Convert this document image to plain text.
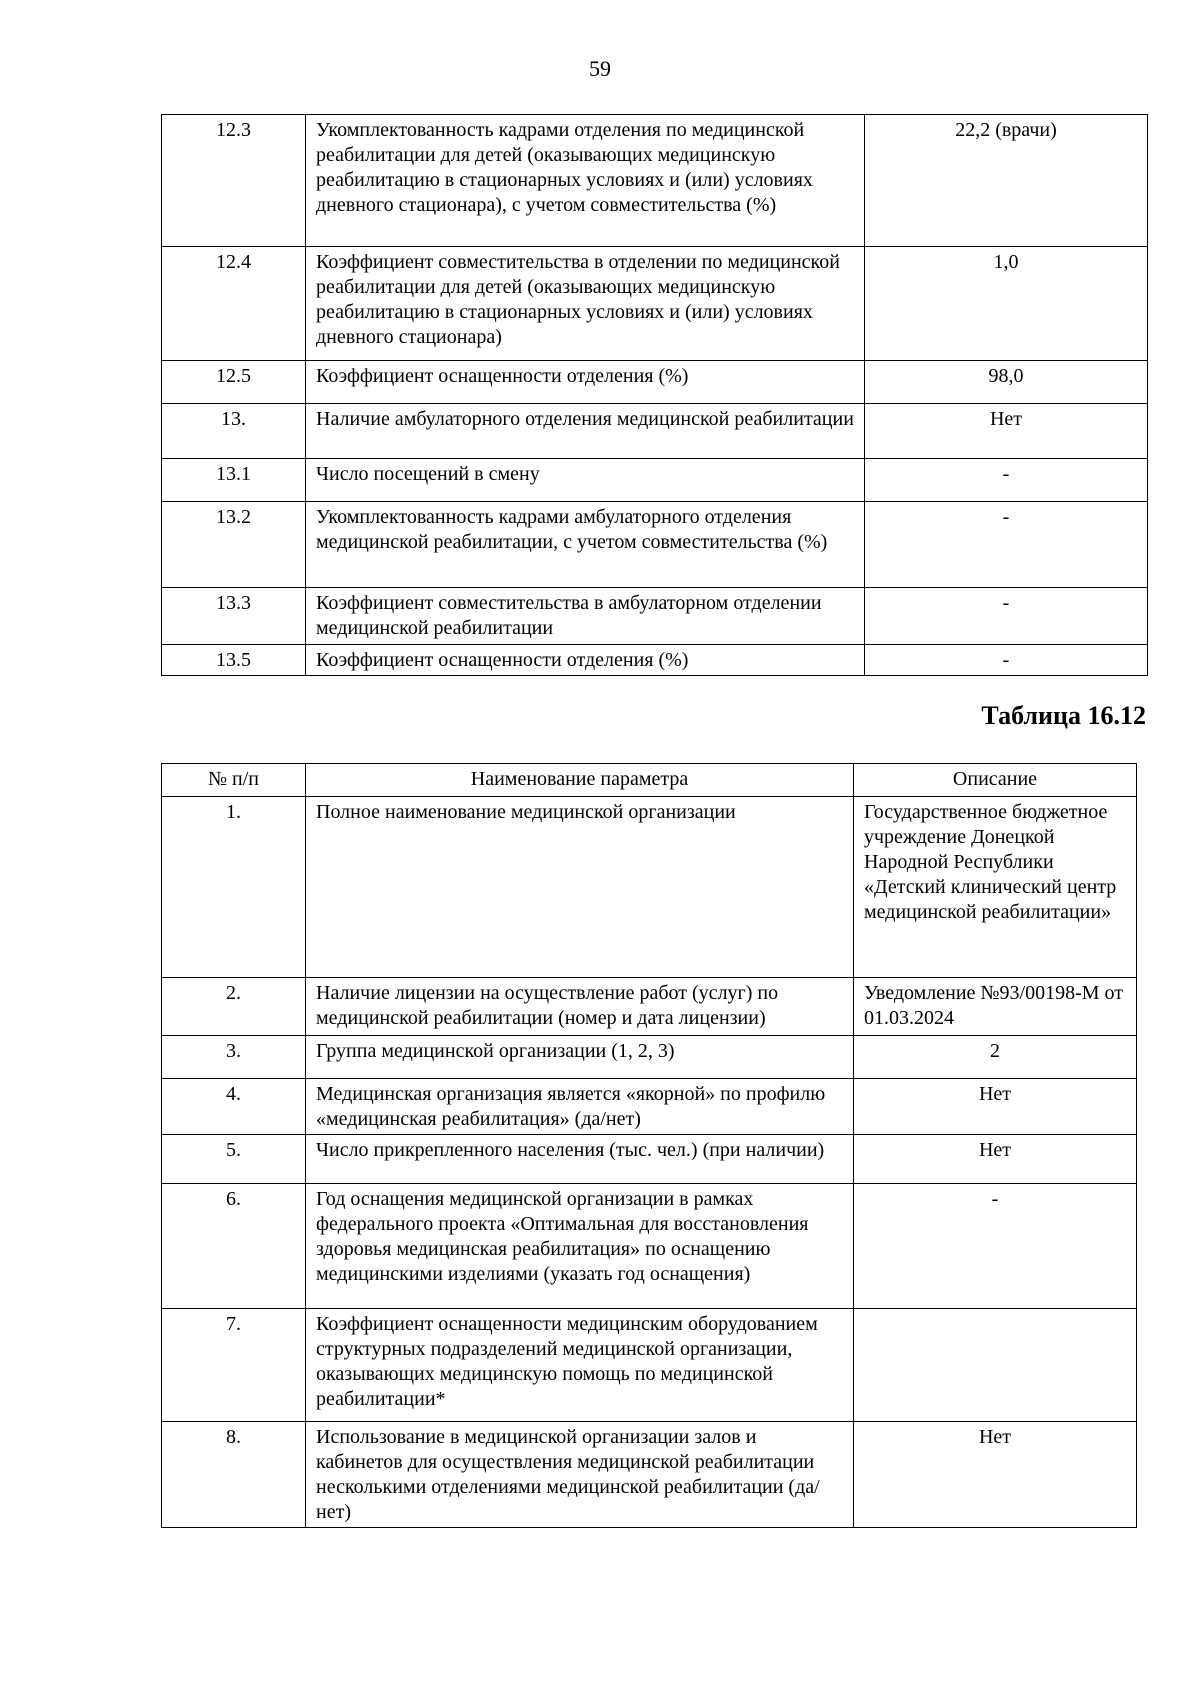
59
12.3	Укомплектованность кадрами отделения по медицинской реабилитации для детей (оказывающих медицинскую реабилитацию в стационарных условиях и (или) условиях дневного стационара), с учетом совместительства (%)	22,2 (врачи)
12.4	Коэффициент совместительства в отделении по медицинской реабилитации для детей (оказывающих медицинскую реабилитацию в стационарных условиях и (или) условиях дневного стационара)	1,0
12.5	Коэффициент оснащенности отделения (%)	98,0
13.	Наличие амбулаторного отделения медицинской реабилитации	Нет
13.1	Число посещений в смену	-
13.2	Укомплектованность кадрами амбулаторного отделения медицинской реабилитации, с учетом совместительства (%)	-
13.3	Коэффициент совместительства в амбулаторном отделении медицинской реабилитации	-
13.5	Коэффициент оснащенности отделения (%)	-
Таблица 16.12
№ п/п	Наименование параметра	Описание
1.	Полное наименование медицинской организации	Государственное бюджетное учреждение Донецкой Народной Республики «Детский клинический центр медицинской реабилитации»
2.	Наличие лицензии на осуществление работ (услуг) по медицинской реабилитации (номер и дата лицензии)	Уведомление №93/00198-М от 01.03.2024
3.	Группа медицинской организации (1, 2, 3)	2
4.	Медицинская организация является «якорной» по профилю «медицинская реабилитация» (да/нет)	Нет
5.	Число прикрепленного населения (тыс. чел.) (при наличии)	Нет
6.	Год оснащения медицинской организации в рамках федерального проекта «Оптимальная для восстановления здоровья медицинская реабилитация» по оснащению медицинскими изделиями (указать год оснащения)	-
7.	Коэффициент оснащенности медицинским оборудованием структурных подразделений медицинской организации, оказывающих медицинскую помощь по медицинской реабилитации*	
8.	Использование в медицинской организации залов и кабинетов для осуществления медицинской реабилитации несколькими отделениями медицинской реабилитации (да/нет)	Нет
